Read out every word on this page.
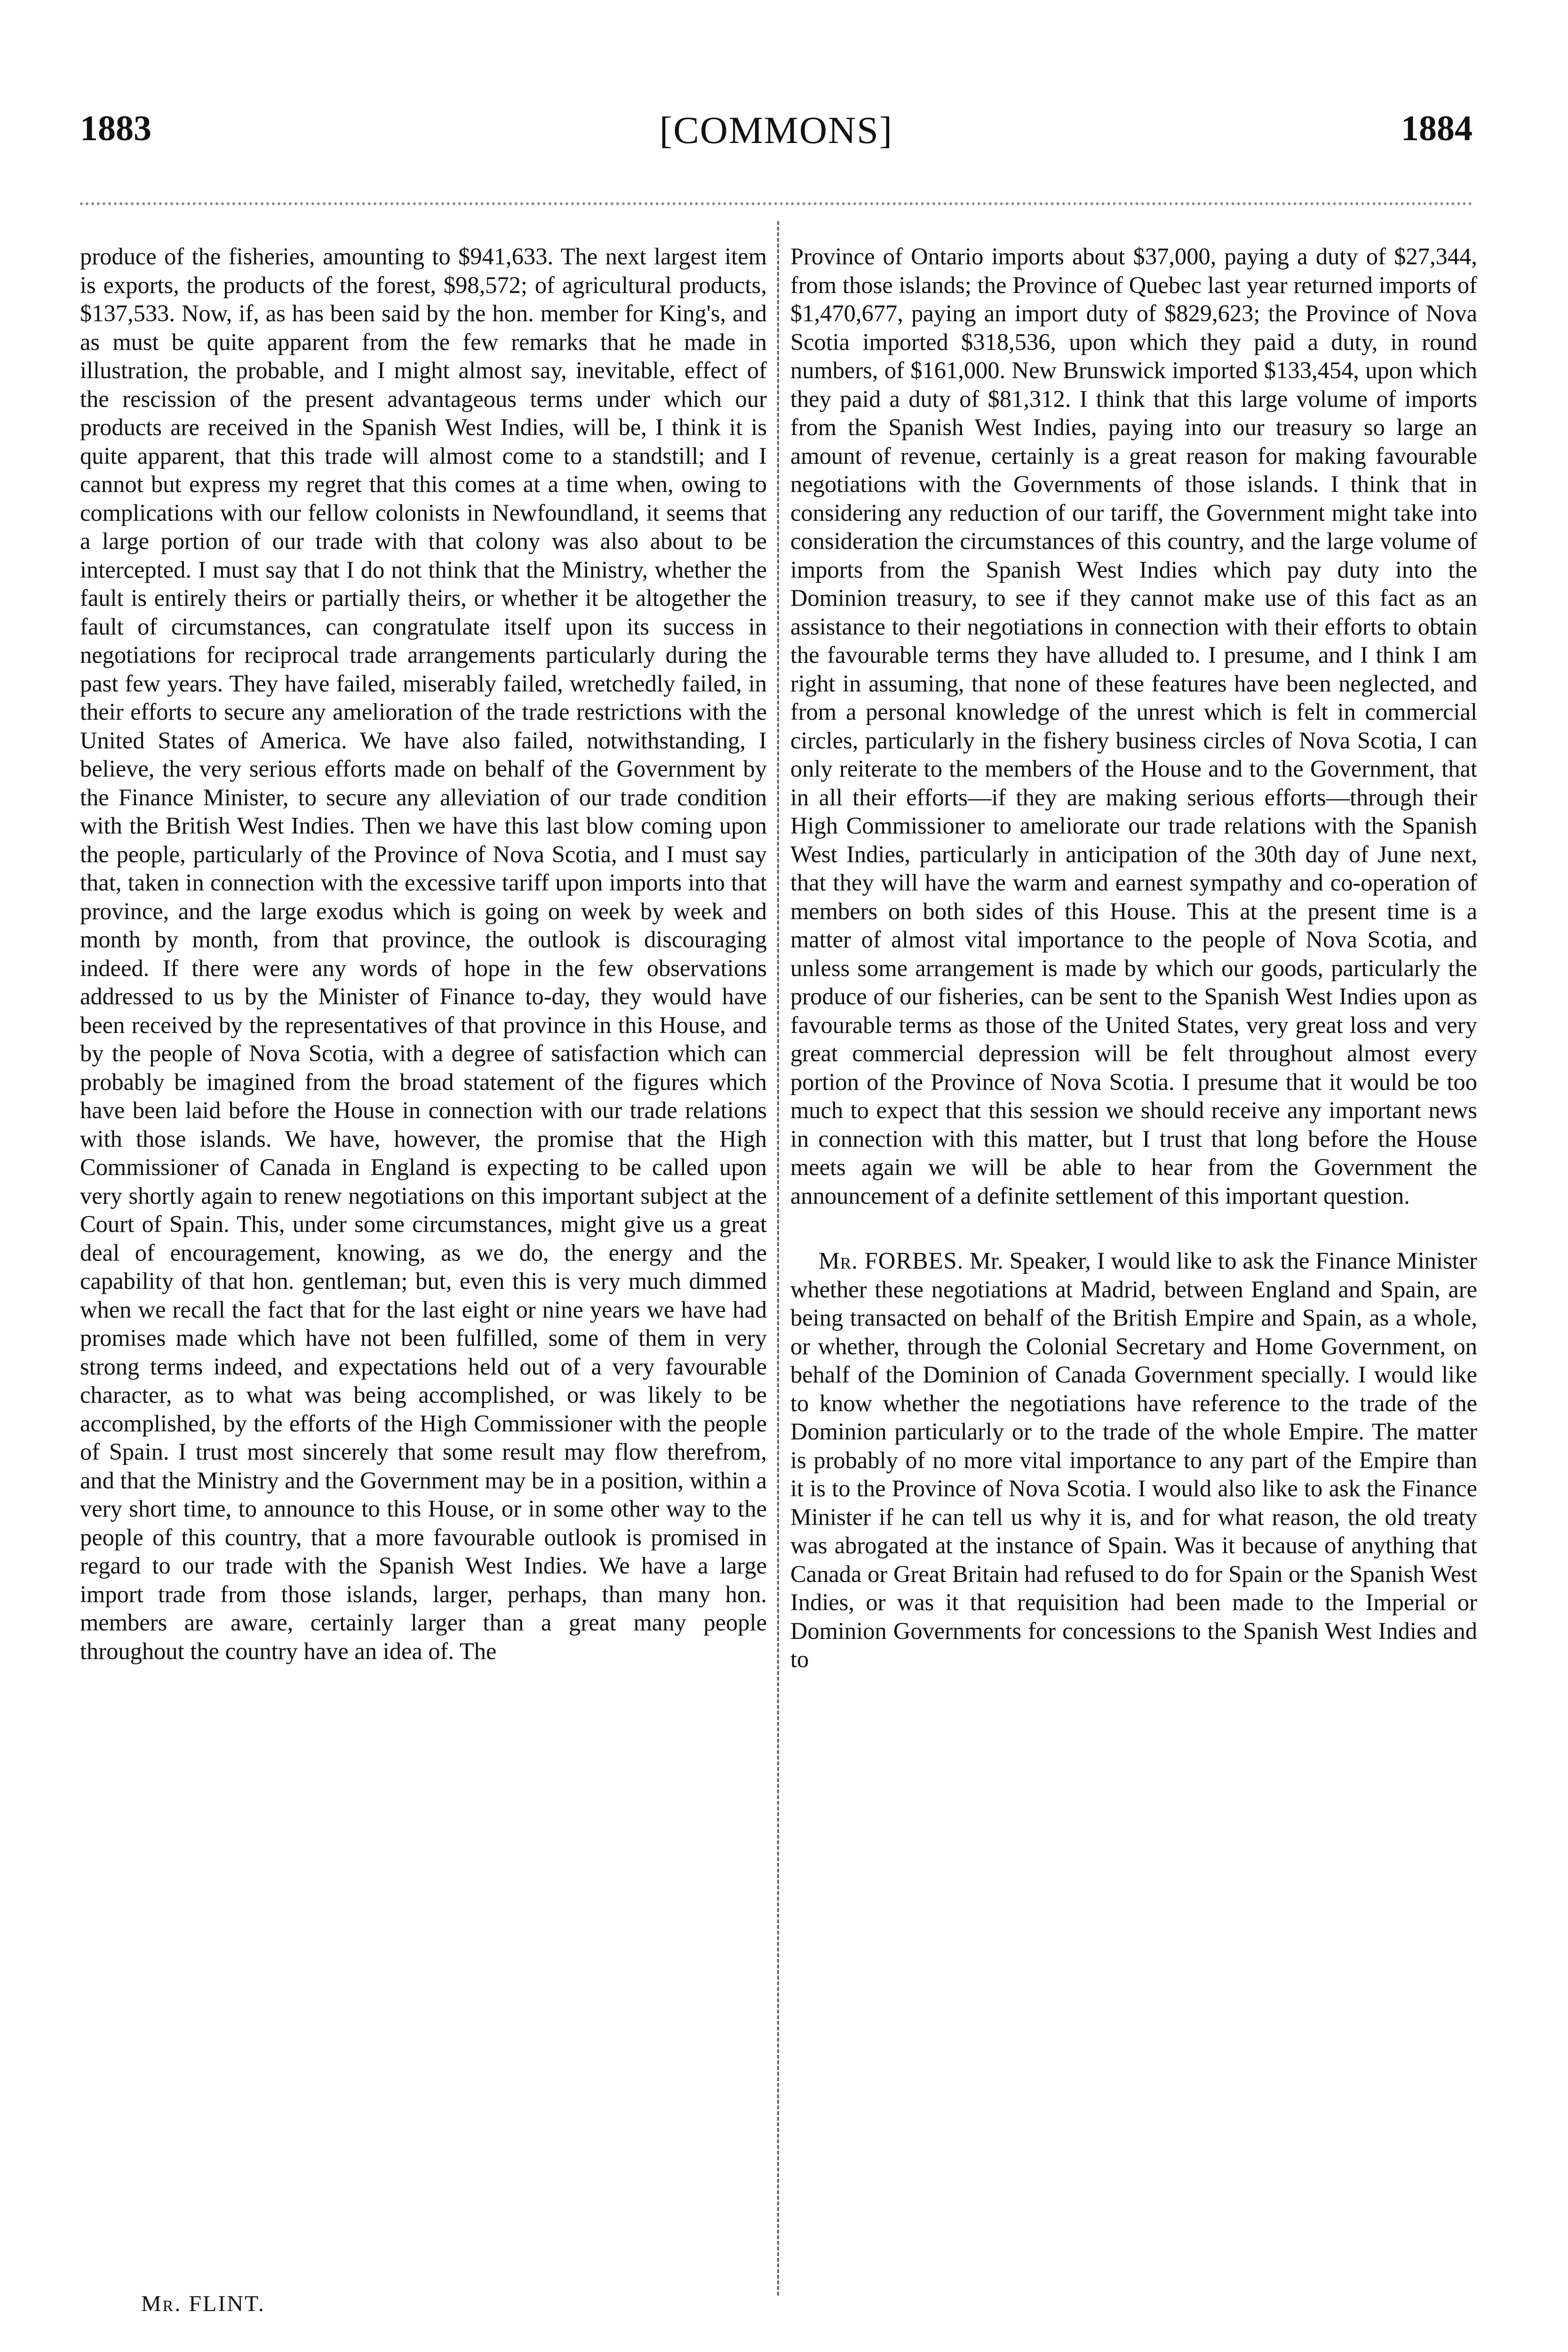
1883	[COMMONS]	1884

produce of the fisheries, amounting to $941,633. The next largest item is exports, the products of the forest, $98,572; of agricultural products, $137,533. Now, if, as has been said by the hon. member for King's, and as must be quite apparent from the few remarks that he made in illustration, the probable, and I might almost say, inevitable, effect of the rescission of the present advantageous terms under which our products are received in the Spanish West Indies, will be, I think it is quite apparent, that this trade will almost come to a standstill; and I cannot but express my regret that this comes at a time when, owing to complications with our fellow colonists in Newfoundland, it seems that a large portion of our trade with that colony was also about to be intercepted. I must say that I do not think that the Ministry, whether the fault is entirely theirs or partially theirs, or whether it be altogether the fault of circumstances, can congratulate itself upon its success in negotiations for reciprocal trade arrangements particularly during the past few years. They have failed, miserably failed, wretchedly failed, in their efforts to secure any amelioration of the trade restrictions with the United States of America. We have also failed, notwithstanding, I believe, the very serious efforts made on behalf of the Government by the Finance Minister, to secure any alleviation of our trade condition with the British West Indies. Then we have this last blow coming upon the people, particularly of the Province of Nova Scotia, and I must say that, taken in connection with the excessive tariff upon imports into that province, and the large exodus which is going on week by week and month by month, from that province, the outlook is discouraging indeed. If there were any words of hope in the few observations addressed to us by the Minister of Finance to-day, they would have been received by the representatives of that province in this House, and by the people of Nova Scotia, with a degree of satisfaction which can probably be imagined from the broad statement of the figures which have been laid before the House in connection with our trade relations with those islands. We have, however, the promise that the High Commissioner of Canada in England is expecting to be called upon very shortly again to renew negotiations on this important subject at the Court of Spain. This, under some circumstances, might give us a great deal of encouragement, knowing, as we do, the energy and the capability of that hon. gentleman; but, even this is very much dimmed when we recall the fact that for the last eight or nine years we have had promises made which have not been fulfilled, some of them in very strong terms indeed, and expectations held out of a very favourable character, as to what was being accomplished, or was likely to be accomplished, by the efforts of the High Commissioner with the people of Spain. I trust most sincerely that some result may flow therefrom, and that the Ministry and the Government may be in a position, within a very short time, to announce to this House, or in some other way to the people of this country, that a more favourable outlook is promised in regard to our trade with the Spanish West Indies. We have a large import trade from those islands, larger, perhaps, than many hon. members are aware, certainly larger than a great many people throughout the country have an idea of. The

Province of Ontario imports about $37,000, paying a duty of $27,344, from those islands; the Province of Quebec last year returned imports of $1,470,677, paying an import duty of $829,623; the Province of Nova Scotia imported $318,536, upon which they paid a duty, in round numbers, of $161,000. New Brunswick imported $133,454, upon which they paid a duty of $81,312. I think that this large volume of imports from the Spanish West Indies, paying into our treasury so large an amount of revenue, certainly is a great reason for making favourable negotiations with the Governments of those islands. I think that in considering any reduction of our tariff, the Government might take into consideration the circumstances of this country, and the large volume of imports from the Spanish West Indies which pay duty into the Dominion treasury, to see if they cannot make use of this fact as an assistance to their negotiations in connection with their efforts to obtain the favourable terms they have alluded to. I presume, and I think I am right in assuming, that none of these features have been neglected, and from a personal knowledge of the unrest which is felt in commercial circles, particularly in the fishery business circles of Nova Scotia, I can only reiterate to the members of the House and to the Government, that in all their efforts—if they are making serious efforts—through their High Commissioner to ameliorate our trade relations with the Spanish West Indies, particularly in anticipation of the 30th day of June next, that they will have the warm and earnest sympathy and co-operation of members on both sides of this House. This at the present time is a matter of almost vital importance to the people of Nova Scotia, and unless some arrangement is made by which our goods, particularly the produce of our fisheries, can be sent to the Spanish West Indies upon as favourable terms as those of the United States, very great loss and very great commercial depression will be felt throughout almost every portion of the Province of Nova Scotia. I presume that it would be too much to expect that this session we should receive any important news in connection with this matter, but I trust that long before the House meets again we will be able to hear from the Government the announcement of a definite settlement of this important question.

Mr. FORBES. Mr. Speaker, I would like to ask the Finance Minister whether these negotiations at Madrid, between England and Spain, are being transacted on behalf of the British Empire and Spain, as a whole, or whether, through the Colonial Secretary and Home Government, on behalf of the Dominion of Canada Government specially. I would like to know whether the negotiations have reference to the trade of the Dominion particularly or to the trade of the whole Empire. The matter is probably of no more vital importance to any part of the Empire than it is to the Province of Nova Scotia. I would also like to ask the Finance Minister if he can tell us why it is, and for what reason, the old treaty was abrogated at the instance of Spain. Was it because of anything that Canada or Great Britain had refused to do for Spain or the Spanish West Indies, or was it that requisition had been made to the Imperial or Dominion Governments for concessions to the Spanish West Indies and to

Mr. FLINT.
